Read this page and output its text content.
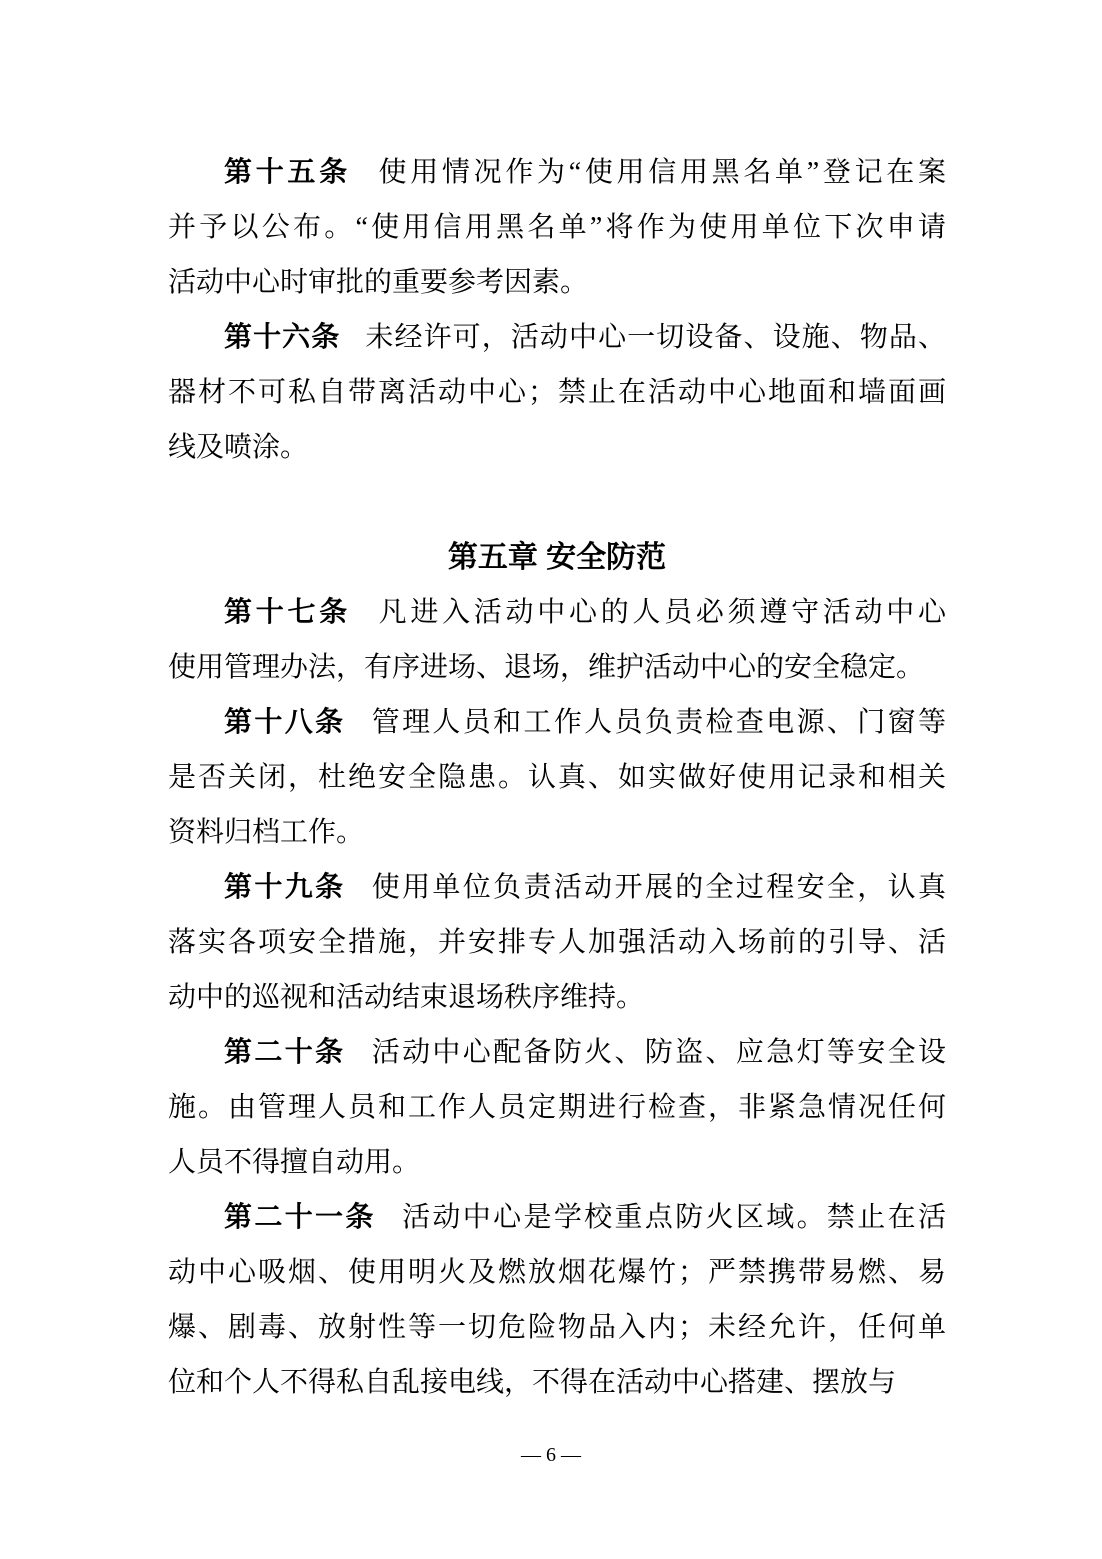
第十五条 使用情况作为“使用信用黑名单”登记在案
并予以公布。“使用信用黑名单”将作为使用单位下次申请
活动中心时审批的重要参考因素。
第十六条 未经许可，活动中心一切设备、设施、物品、
器材不可私自带离活动中心；禁止在活动中心地面和墙面画
线及喷涂。
第五章 安全防范
第十七条 凡进入活动中心的人员必须遵守活动中心
使用管理办法，有序进场、退场，维护活动中心的安全稳定。
第十八条 管理人员和工作人员负责检查电源、门窗等
是否关闭，杜绝安全隐患。认真、如实做好使用记录和相关
资料归档工作。
第十九条 使用单位负责活动开展的全过程安全，认真
落实各项安全措施，并安排专人加强活动入场前的引导、活
动中的巡视和活动结束退场秩序维持。
第二十条 活动中心配备防火、防盗、应急灯等安全设
施。由管理人员和工作人员定期进行检查，非紧急情况任何
人员不得擅自动用。
第二十一条 活动中心是学校重点防火区域。禁止在活
动中心吸烟、使用明火及燃放烟花爆竹；严禁携带易燃、易
爆、剧毒、放射性等一切危险物品入内；未经允许，任何单
位和个人不得私自乱接电线，不得在活动中心搭建、摆放与
— 6 —
